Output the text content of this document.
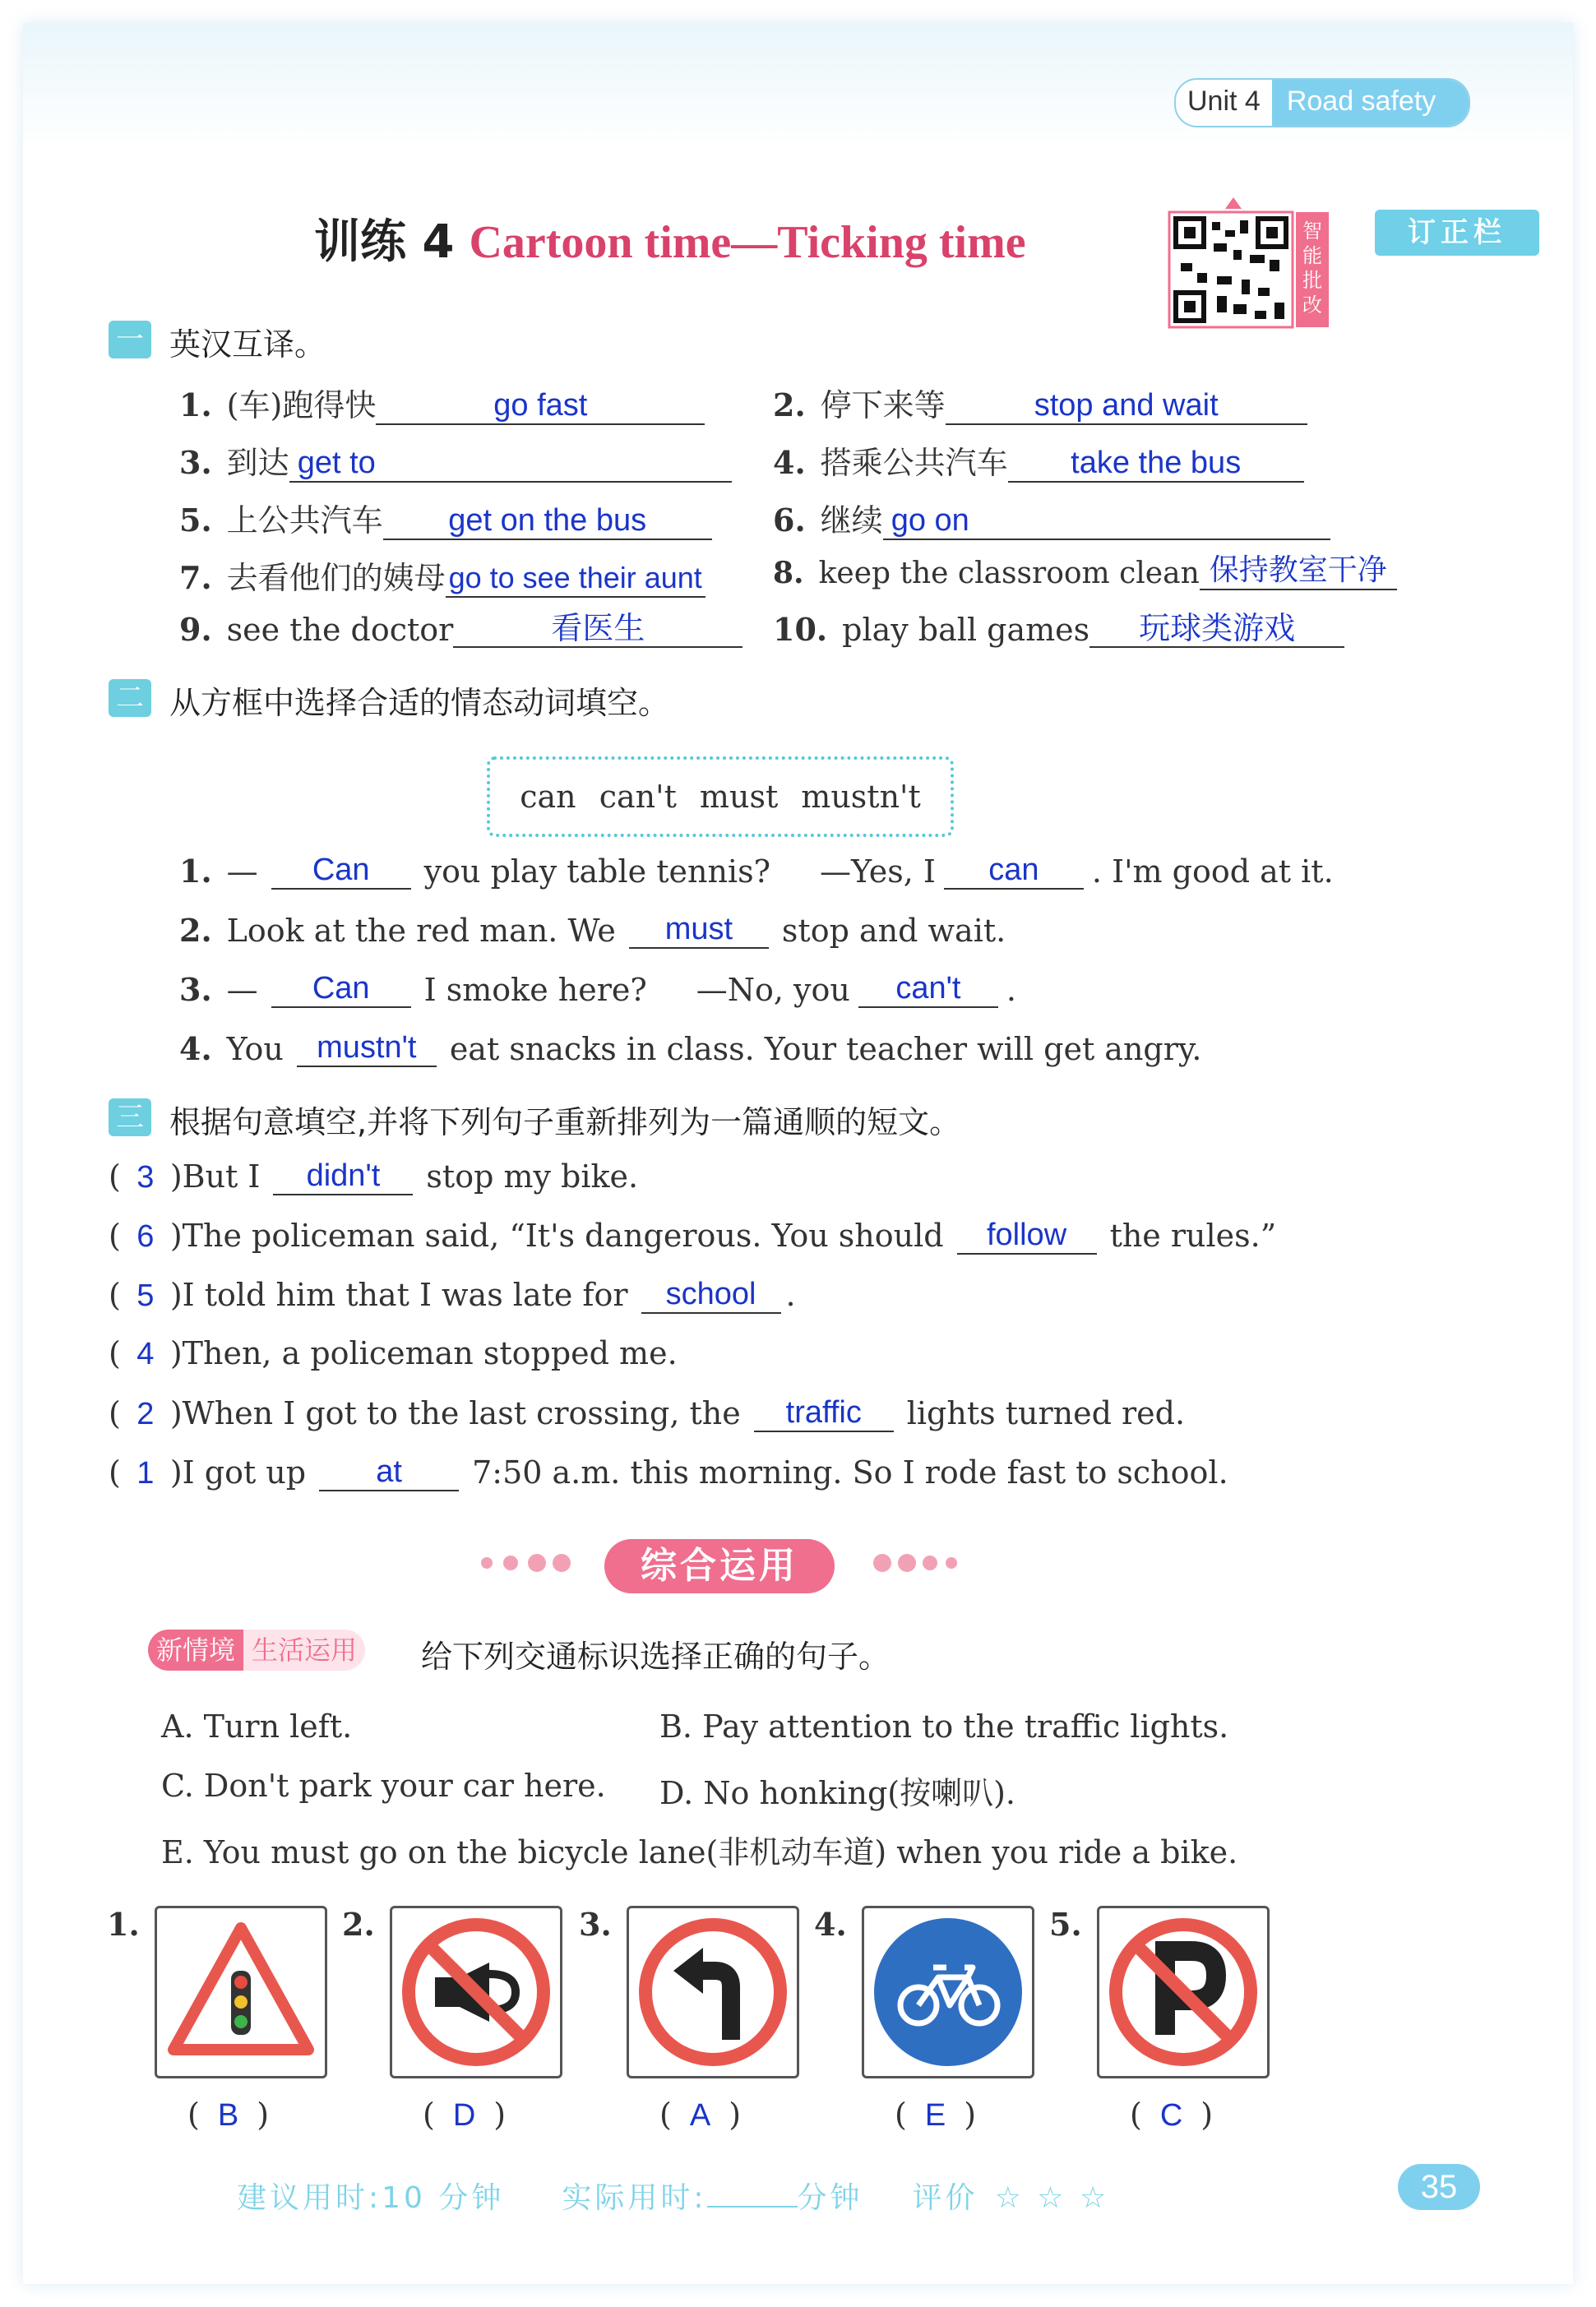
Unit 4 Road safety
训练 4 Cartoon time—Ticking time	智能批改
订正栏
一 英汉互译。
1. (车)跑得快	go fast	2. 停下来等	stop and wait
3. 到达 get to	4. 搭乘公共汽车 take the bus
5. 上公共汽车 get on the bus	6. 继续 go on
7. 去看他们的姨母 go to see their aunt 8. keep the classroom clean 保持教室干净
9. see the doctor	看医生	10. play ball games 玩球类游戏
二 从方框中选择合适的情态动词填空。
can can't must mustn't
1. — Can you play table tennis? —Yes, I can . I'm good at it.
2. Look at the red man. We must stop and wait.
3. — Can I smoke here? —No, you can't .
4. You mustn't eat snacks in class. Your teacher will get angry.
三 根据句意填空,并将下列句子重新排列为一篇通顺的短文。
( 3 )But I didn't stop my bike.
( 6 )The policeman said, “It's dangerous. You should follow the rules.”
( 5 )I told him that I was late for school .
( 4 )Then, a policeman stopped me.
( 2 )When I got to the last crossing, the traffic lights turned red.
( 1 )I got up at 7:50 a.m. this morning. So I rode fast to school.
综合运用
新情境 生活运用 给下列交通标识选择正确的句子。
A. Turn left.	B. Pay attention to the traffic lights.
C. Don't park your car here. D. No honking(按喇叭).
E. You must go on the bicycle lane(非机动车道) when you ride a bike.
1.	2.	3.	4.	5.
( B )	( D )	( A )	( E )	( C )
建议用时:10 分钟 实际用时:	分钟 评价 ☆ ☆ ☆	35
